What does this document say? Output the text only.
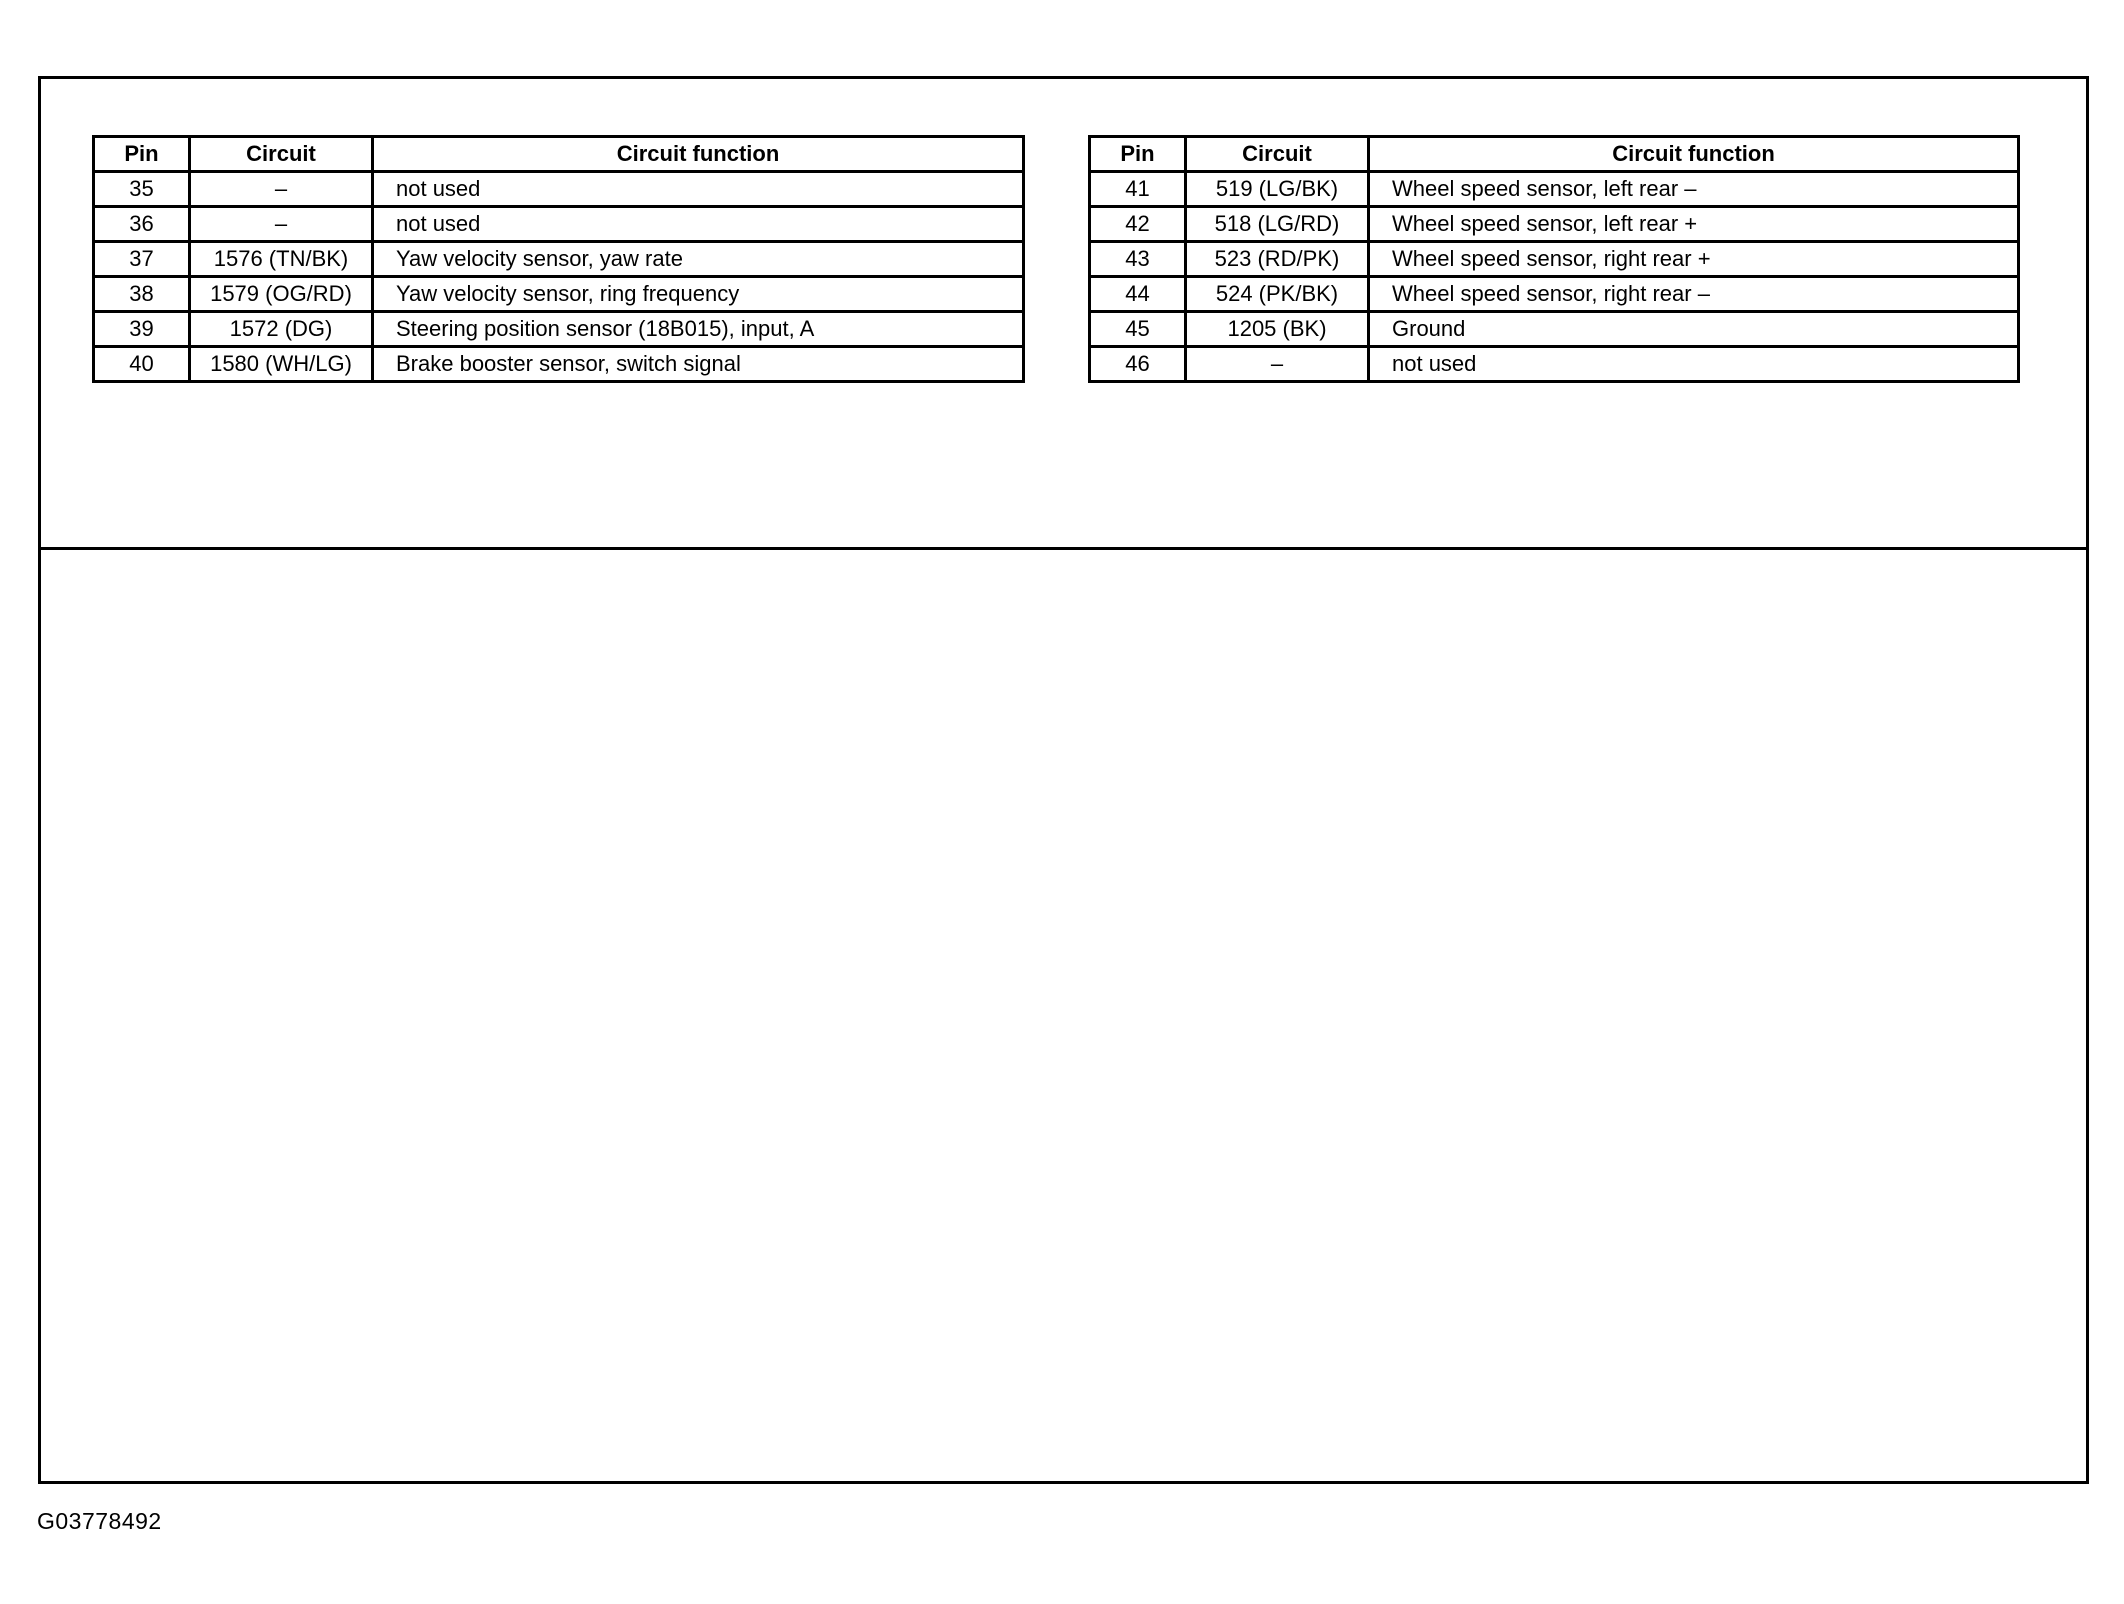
Pin	Circuit	Circuit function
35	–	not used
36	–	not used
37	1576 (TN/BK)	Yaw velocity sensor, yaw rate
38	1579 (OG/RD)	Yaw velocity sensor, ring frequency
39	1572 (DG)	Steering position sensor (18B015), input, A
40	1580 (WH/LG)	Brake booster sensor, switch signal
Pin	Circuit	Circuit function
41	519 (LG/BK)	Wheel speed sensor, left rear –
42	518 (LG/RD)	Wheel speed sensor, left rear +
43	523 (RD/PK)	Wheel speed sensor, right rear +
44	524 (PK/BK)	Wheel speed sensor, right rear –
45	1205 (BK)	Ground
46	–	not used
G03778492
